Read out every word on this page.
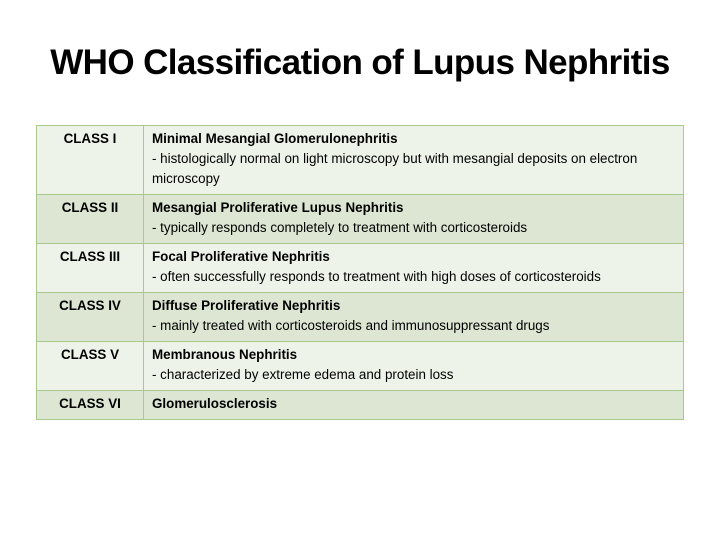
WHO Classification of Lupus Nephritis
CLASS I	Minimal Mesangial Glomerulonephritis
- histologically normal on light microscopy but with mesangial deposits on electron microscopy

CLASS II	Mesangial Proliferative Lupus Nephritis
- typically responds completely to treatment with corticosteroids

CLASS III	Focal Proliferative Nephritis
- often successfully responds to treatment with high doses of corticosteroids

CLASS IV	Diffuse Proliferative Nephritis
- mainly treated with corticosteroids and immunosuppressant drugs

CLASS V	Membranous Nephritis
- characterized by extreme edema and protein loss

CLASS VI	Glomerulosclerosis
